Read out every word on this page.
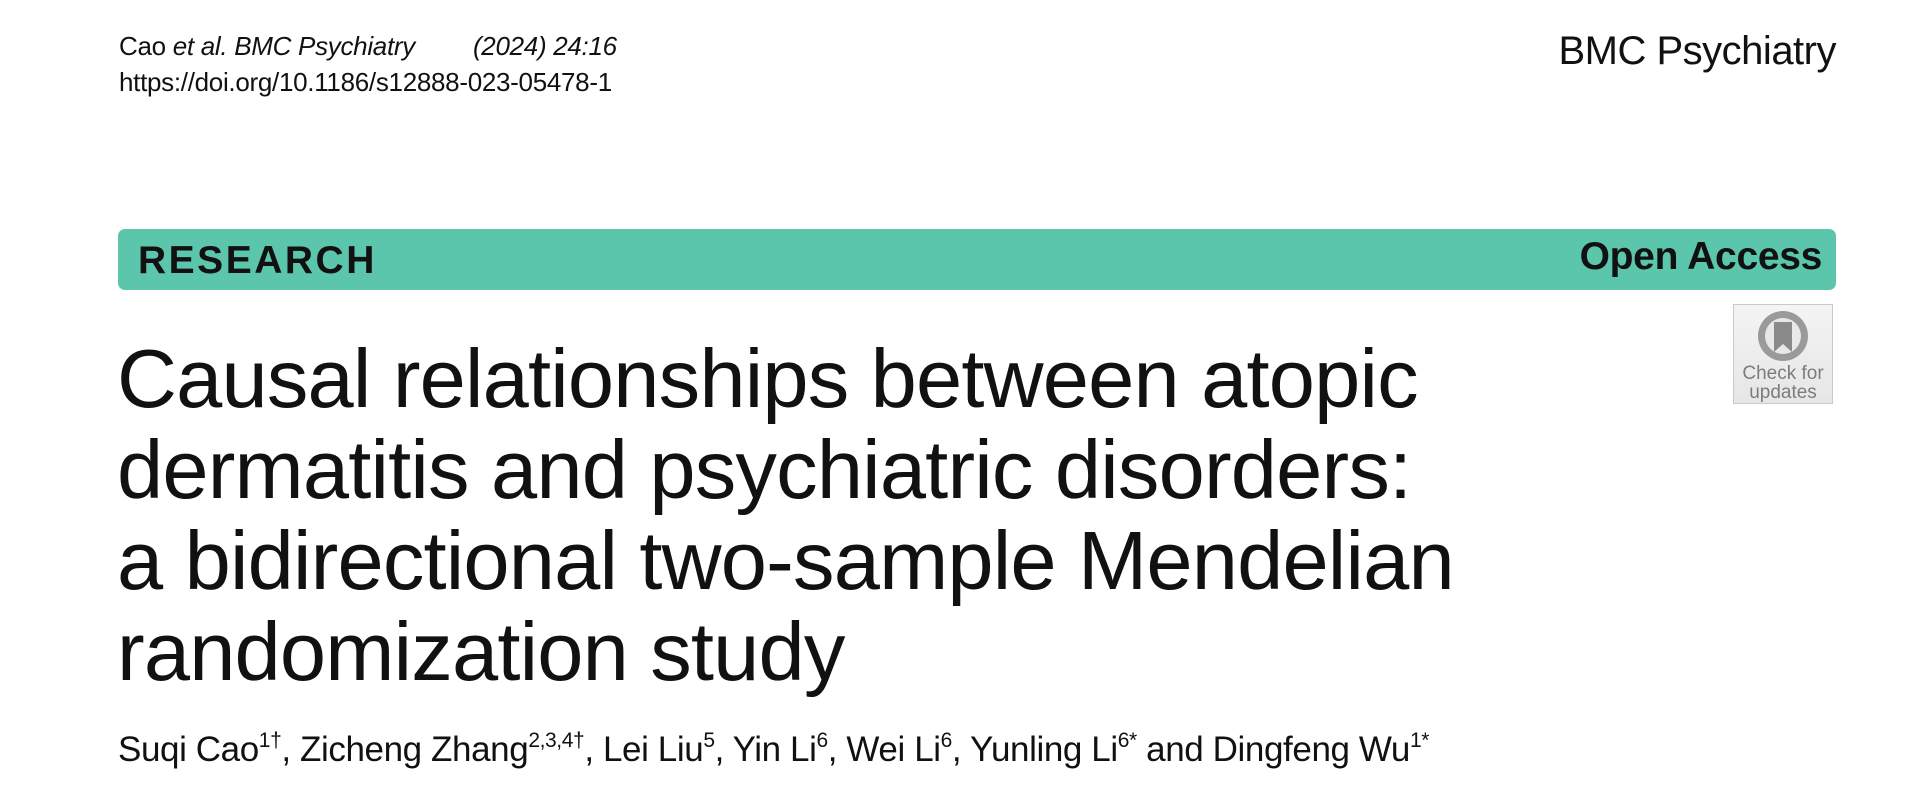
Cao et al. BMC Psychiatry (2024) 24:16
https://doi.org/10.1186/s12888-023-05478-1
BMC Psychiatry
RESEARCH	Open Access
Check for
updates
Causal relationships between atopic
dermatitis and psychiatric disorders:
a bidirectional two-sample Mendelian
randomization study
Suqi Cao$^{1\dagger}$, Zicheng Zhang$^{2,3,4\dagger}$, Lei Liu$^5$, Yin Li$^6$, Wei Li$^6$, Yunling $Li^{6*}$ and Dingfeng $Wu^{1*}$
